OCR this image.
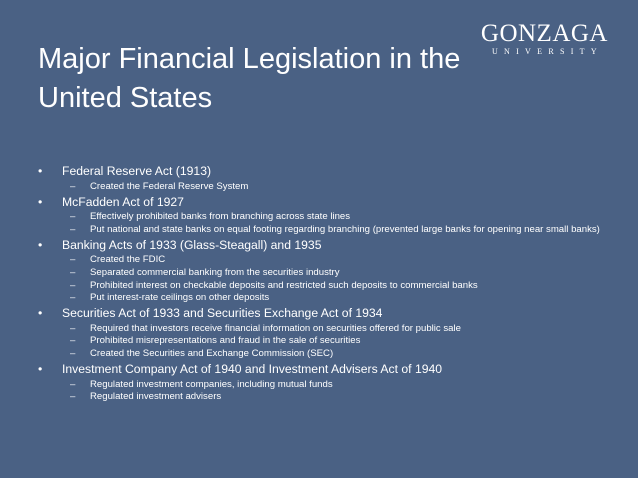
GONZAGA
UNIVERSITY
Major Financial Legislation in the United States
• Federal Reserve Act (1913)
– Created the Federal Reserve System
• McFadden Act of 1927
– Effectively prohibited banks from branching across state lines
– Put national and state banks on equal footing regarding branching (prevented large banks for opening near small banks)
• Banking Acts of 1933 (Glass-Steagall) and 1935
– Created the FDIC
– Separated commercial banking from the securities industry
– Prohibited interest on checkable deposits and restricted such deposits to commercial banks
– Put interest-rate ceilings on other deposits
• Securities Act of 1933 and Securities Exchange Act of 1934
– Required that investors receive financial information on securities offered for public sale
– Prohibited misrepresentations and fraud in the sale of securities
– Created the Securities and Exchange Commission (SEC)
• Investment Company Act of 1940 and Investment Advisers Act of 1940
– Regulated investment companies, including mutual funds
– Regulated investment advisers
